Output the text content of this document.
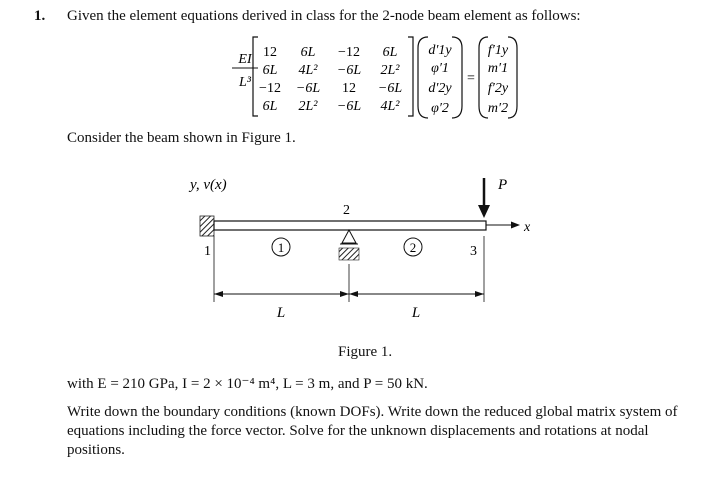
1. Given the element equations derived in class for the 2-node beam element as follows:
EI
L³
12 6L −12 6L
6L 4L² −6L 2L²
−12 −6L 12 −6L
6L 2L² −6L 4L²
d′1y
φ′1
d′2y
φ′2
=
f′1y
m′1
f′2y
m′2
Consider the beam shown in Figure 1.
y, v(x)
x
P
1
2
3
1	2
L	L
Figure 1.
with E = 210 GPa, I = 2 × 10⁻⁴ m⁴, L = 3 m, and P = 50 kN.
Write down the boundary conditions (known DOFs). Write down the reduced global matrix system of equations including the force vector. Solve for the unknown displacements and rotations at nodal positions.
